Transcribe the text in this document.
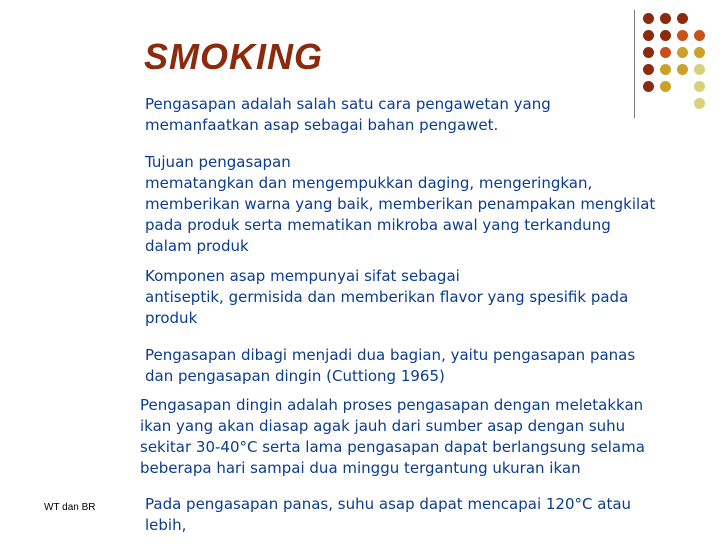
SMOKING
Pengasapan adalah salah satu cara pengawetan yang
memanfaatkan asap sebagai bahan pengawet.
Tujuan pengasapan
mematangkan dan mengempukkan daging, mengeringkan,
memberikan warna yang baik, memberikan penampakan mengkilat
pada produk serta mematikan mikroba awal yang terkandung
dalam produk
Komponen asap mempunyai sifat sebagai
antiseptik, germisida dan memberikan flavor yang spesifik pada
produk
Pengasapan dibagi menjadi dua bagian, yaitu pengasapan panas
dan pengasapan dingin (Cuttiong 1965)
Pengasapan dingin adalah proses pengasapan dengan meletakkan
ikan yang akan diasap agak jauh dari sumber asap dengan suhu
sekitar 30-40°C serta lama pengasapan dapat berlangsung selama
beberapa hari sampai dua minggu tergantung ukuran ikan
Pada pengasapan panas, suhu asap dapat mencapai 120°C atau
lebih,
WT dan BR
